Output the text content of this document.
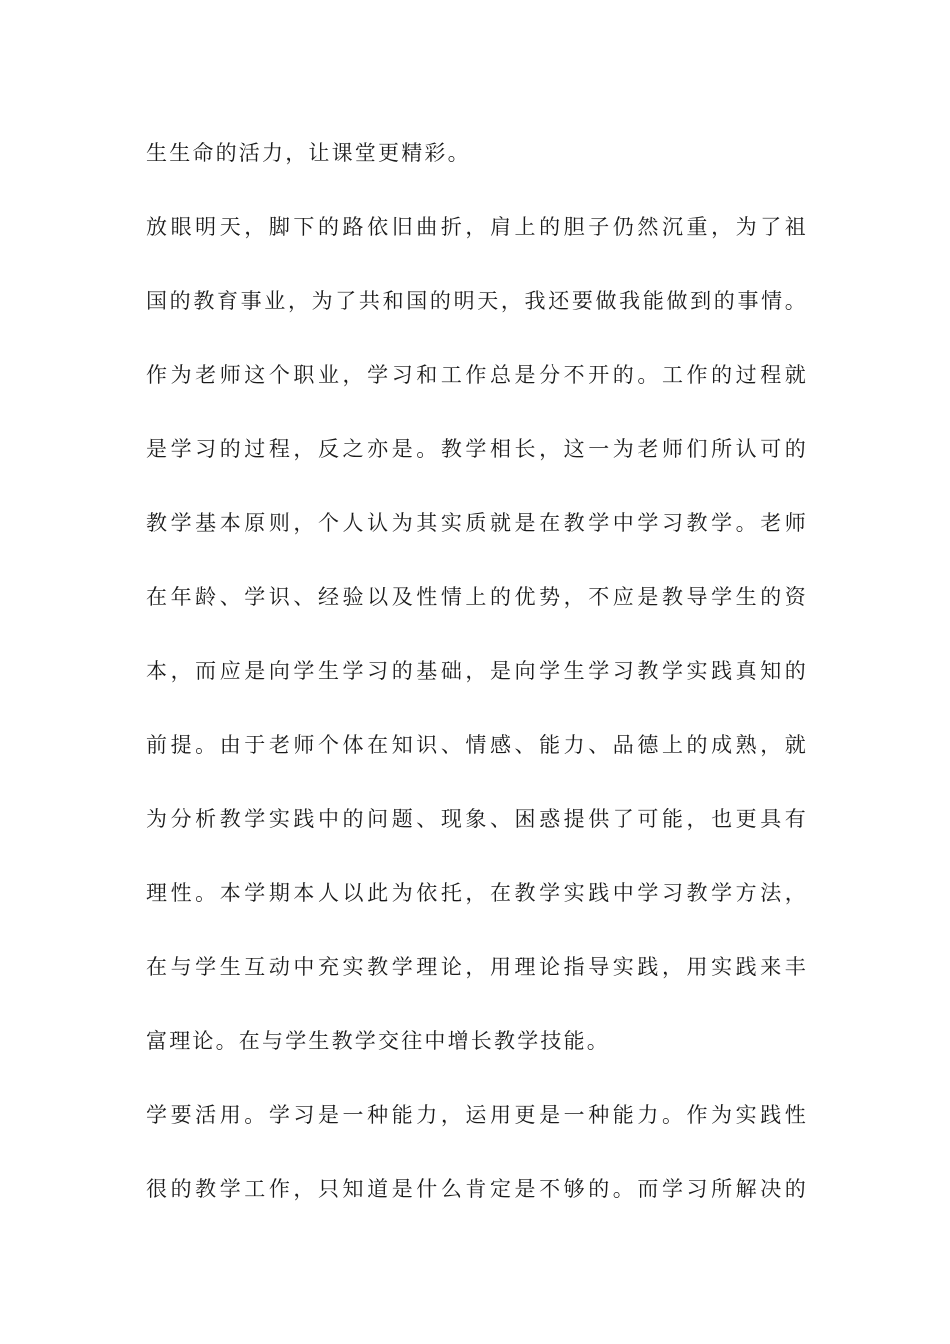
生生命的活力，让课堂更精彩。
放眼明天，脚下的路依旧曲折，肩上的胆子仍然沉重，为了祖
国的教育事业，为了共和国的明天，我还要做我能做到的事情。
作为老师这个职业，学习和工作总是分不开的。工作的过程就
是学习的过程，反之亦是。教学相长，这一为老师们所认可的
教学基本原则，个人认为其实质就是在教学中学习教学。老师
在年龄、学识、经验以及性情上的优势，不应是教导学生的资
本，而应是向学生学习的基础，是向学生学习教学实践真知的
前提。由于老师个体在知识、情感、能力、品德上的成熟，就
为分析教学实践中的问题、现象、困惑提供了可能，也更具有
理性。本学期本人以此为依托，在教学实践中学习教学方法，
在与学生互动中充实教学理论，用理论指导实践，用实践来丰
富理论。在与学生教学交往中增长教学技能。
学要活用。学习是一种能力，运用更是一种能力。作为实践性
很的教学工作，只知道是什么肯定是不够的。而学习所解决的
